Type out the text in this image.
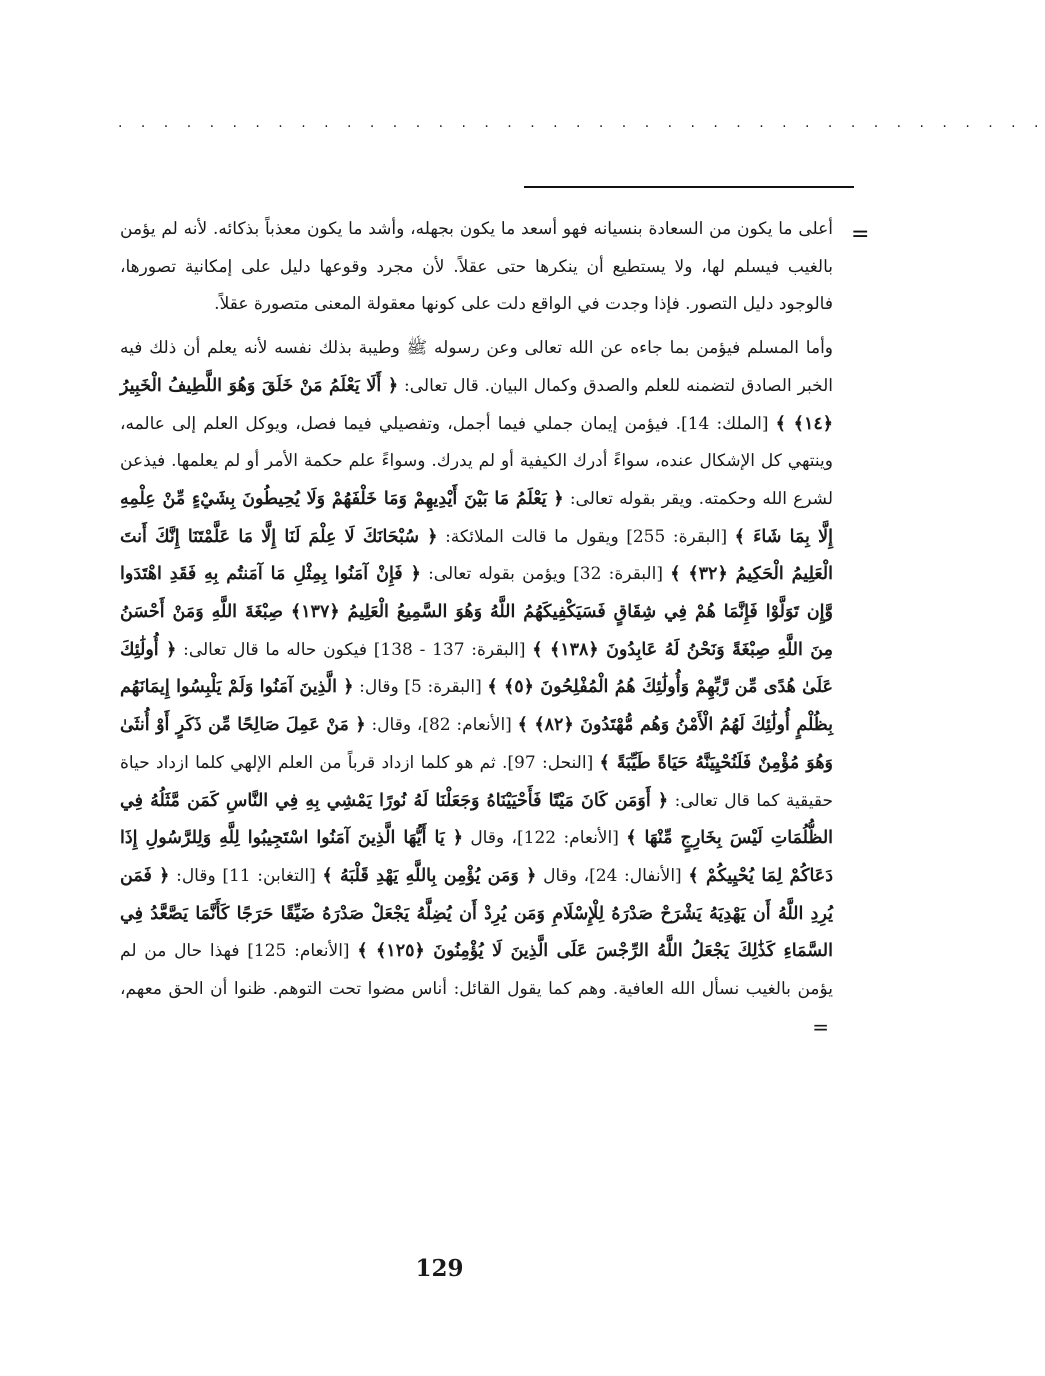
. . . . . . . . . . . . . . . . . . . . . . . . . . . . . . . . . . . . . . . . .
=

أعلى ما يكون من السعادة بنسيانه فهو أسعد ما يكون بجهله، وأشد ما يكون معذباً بذكائه. لأنه لم يؤمن بالغيب فيسلم لها، ولا يستطيع أن ينكرها حتى عقلاً. لأن مجرد وقوعها دليل على إمكانية تصورها، فالوجود دليل التصور. فإذا وجدت في الواقع دلت على كونها معقولة المعنى متصورة عقلاً.

وأما المسلم فيؤمن بما جاءه عن الله تعالى وعن رسوله ﷺ وطيبة بذلك نفسه لأنه يعلم أن ذلك فيه الخبر الصادق لتضمنه للعلم والصدق وكمال البيان. قال تعالى: ﴿ أَلَا يَعْلَمُ مَنْ خَلَقَ وَهُوَ اللَّطِيفُ الْخَبِيرُ ﴿١٤﴾ ﴾ [الملك: 14]. فيؤمن إيمان جملي فيما أجمل، وتفصيلي فيما فصل، ويوكل العلم إلى عالمه، وينتهي كل الإشكال عنده، سواءً أدرك الكيفية أو لم يدرك. وسواءً علم حكمة الأمر أو لم يعلمها. فيذعن لشرع الله وحكمته. ويقر بقوله تعالى: ﴿ يَعْلَمُ مَا بَيْنَ أَيْدِيهِمْ وَمَا خَلْفَهُمْ وَلَا يُحِيطُونَ بِشَيْءٍ مِّنْ عِلْمِهِ إِلَّا بِمَا شَاءَ ﴾ [البقرة: 255] ويقول ما قالت الملائكة: ﴿ سُبْحَانَكَ لَا عِلْمَ لَنَا إِلَّا مَا عَلَّمْتَنَا إِنَّكَ أَنتَ الْعَلِيمُ الْحَكِيمُ ﴿٣٢﴾ ﴾ [البقرة: 32] ويؤمن بقوله تعالى: ﴿ فَإِنْ آمَنُوا بِمِثْلِ مَا آمَنتُم بِهِ فَقَدِ اهْتَدَوا وَّإِن تَوَلَّوْا فَإِنَّمَا هُمْ فِي شِقَاقٍ فَسَيَكْفِيكَهُمُ اللَّهُ وَهُوَ السَّمِيعُ الْعَلِيمُ ﴿١٣٧﴾ صِبْغَةَ اللَّهِ وَمَنْ أَحْسَنُ مِنَ اللَّهِ صِبْغَةً وَنَحْنُ لَهُ عَابِدُونَ ﴿١٣٨﴾ ﴾ [البقرة: 137 - 138] فيكون حاله ما قال تعالى: ﴿ أُولَٰئِكَ عَلَىٰ هُدًى مِّن رَّبِّهِمْ وَأُولَٰئِكَ هُمُ الْمُفْلِحُونَ ﴿٥﴾ ﴾ [البقرة: 5] وقال: ﴿ الَّذِينَ آمَنُوا وَلَمْ يَلْبِسُوا إِيمَانَهُم بِظُلْمٍ أُولَٰئِكَ لَهُمُ الْأَمْنُ وَهُم مُّهْتَدُونَ ﴿٨٢﴾ ﴾ [الأنعام: 82]، وقال: ﴿ مَنْ عَمِلَ صَالِحًا مِّن ذَكَرٍ أَوْ أُنثَىٰ وَهُوَ مُؤْمِنٌ فَلَنُحْيِيَنَّهُ حَيَاةً طَيِّبَةً ﴾ [النحل: 97]. ثم هو كلما ازداد قرباً من العلم الإلهي كلما ازداد حياة حقيقية كما قال تعالى: ﴿ أَوَمَن كَانَ مَيْتًا فَأَحْيَيْنَاهُ وَجَعَلْنَا لَهُ نُورًا يَمْشِي بِهِ فِي النَّاسِ كَمَن مَّثَلُهُ فِي الظُّلُمَاتِ لَيْسَ بِخَارِجٍ مِّنْهَا ﴾ [الأنعام: 122]، وقال ﴿ يَا أَيُّهَا الَّذِينَ آمَنُوا اسْتَجِيبُوا لِلَّهِ وَلِلرَّسُولِ إِذَا دَعَاكُمْ لِمَا يُحْيِيكُمْ ﴾ [الأنفال: 24]، وقال ﴿ وَمَن يُؤْمِن بِاللَّهِ يَهْدِ قَلْبَهُ ﴾ [التغابن: 11] وقال: ﴿ فَمَن يُرِدِ اللَّهُ أَن يَهْدِيَهُ يَشْرَحْ صَدْرَهُ لِلْإِسْلَامِ وَمَن يُرِدْ أَن يُضِلَّهُ يَجْعَلْ صَدْرَهُ ضَيِّقًا حَرَجًا كَأَنَّمَا يَصَّعَّدُ فِي السَّمَاءِ كَذَٰلِكَ يَجْعَلُ اللَّهُ الرِّجْسَ عَلَى الَّذِينَ لَا يُؤْمِنُونَ ﴿١٢٥﴾ ﴾ [الأنعام: 125] فهذا حال من لم يؤمن بالغيب نسأل الله العافية. وهم كما يقول القائل: أناس مضوا تحت التوهم. ظنوا أن الحق معهم، =

129
